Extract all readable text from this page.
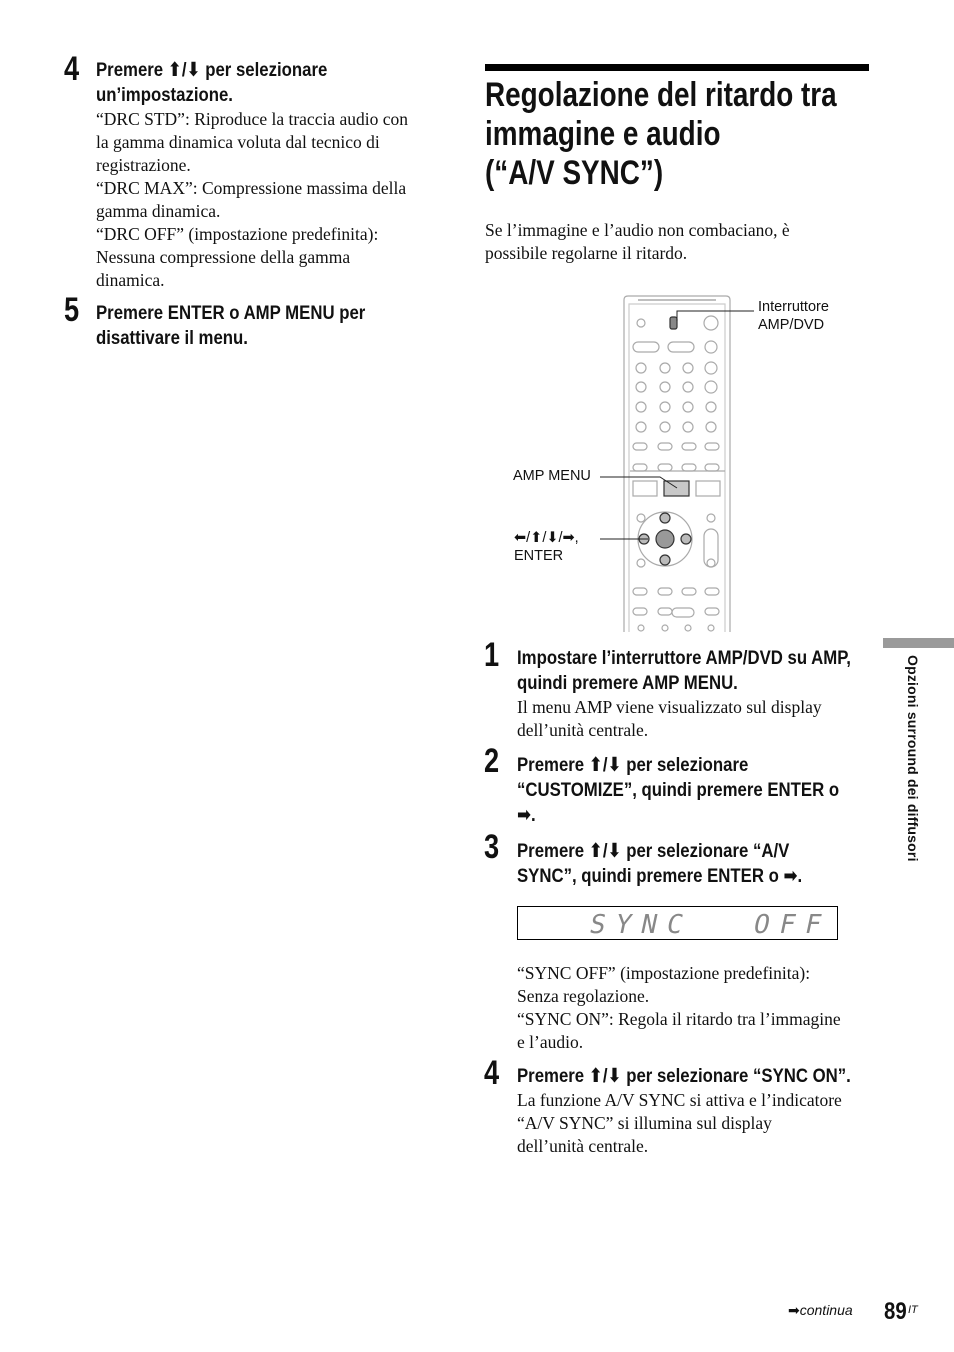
4 Premere ⬆/⬇ per selezionare
un’impostazione.
“DRC STD”: Riproduce la traccia audio con
la gamma dinamica voluta dal tecnico di
registrazione.
“DRC MAX”: Compressione massima della
gamma dinamica.
“DRC OFF” (impostazione predefinita):
Nessuna compressione della gamma
dinamica.
5 Premere ENTER o AMP MENU per
disattivare il menu.
Regolazione del ritardo tra
immagine e audio
(“A/V SYNC”)
Se l’immagine e l’audio non combaciano, è
possibile regolarne il ritardo.
Interruttore
AMP/DVD
AMP MENU
⬅/⬆/⬇/➡,
ENTER
1 Impostare l’interruttore AMP/DVD su AMP,
quindi premere AMP MENU.
Il menu AMP viene visualizzato sul display
dell’unità centrale.
2 Premere ⬆/⬇ per selezionare
“CUSTOMIZE”, quindi premere ENTER o
➡.
3 Premere ⬆/⬇ per selezionare “A/V
SYNC”, quindi premere ENTER o ➡.
SYNC OFF
“SYNC OFF” (impostazione predefinita):
Senza regolazione.
“SYNC ON”: Regola il ritardo tra l’immagine
e l’audio.
4 Premere ⬆/⬇ per selezionare “SYNC ON”.
La funzione A/V SYNC si attiva e l’indicatore
“A/V SYNC” si illumina sul display
dell’unità centrale.
Opzioni surround dei diffusori
➡continua 89 IT
